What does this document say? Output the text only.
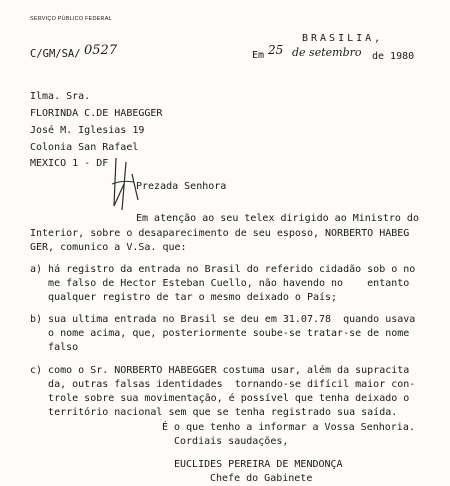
SERVIÇO PÚBLICO FEDERAL
BRASILIA,
C/GM/SA/ 0527	Em 25 de setembro de 1980
Ilma. Sra.
FLORINDA C.DE HABEGGER
José M. Iglesias 19
Colonia San Rafael
MEXICO 1 - DF
Prezada Senhora
Em atenção ao seu telex dirigido ao Ministro do
Interior, sobre o desaparecimento de seu esposo, NORBERTO HABEG
GER, comunico a V.Sa. que:
a) há registro da entrada no Brasil do referido cidadão sob o no
me falso de Hector Esteban Cuello, não havendo no    entanto
qualquer registro de tar o mesmo deixado o País;
b) sua ultima entrada no Brasil se deu em 31.07.78  quando usava
o nome acima, que, posteriormente soube-se tratar-se de nome
falso
c) como o Sr. NORBERTO HABEGGER costuma usar, além da supracita
da, outras falsas identidades  tornando-se difícil maior con-
trole sobre sua movimentação, é possível que tenha deixado o
território nacional sem que se tenha registrado sua saída.
É o que tenho a informar a Vossa Senhoria.
Cordiais saudações,
EUCLIDES PEREIRA DE MENDONÇA
Chefe do Gabinete
